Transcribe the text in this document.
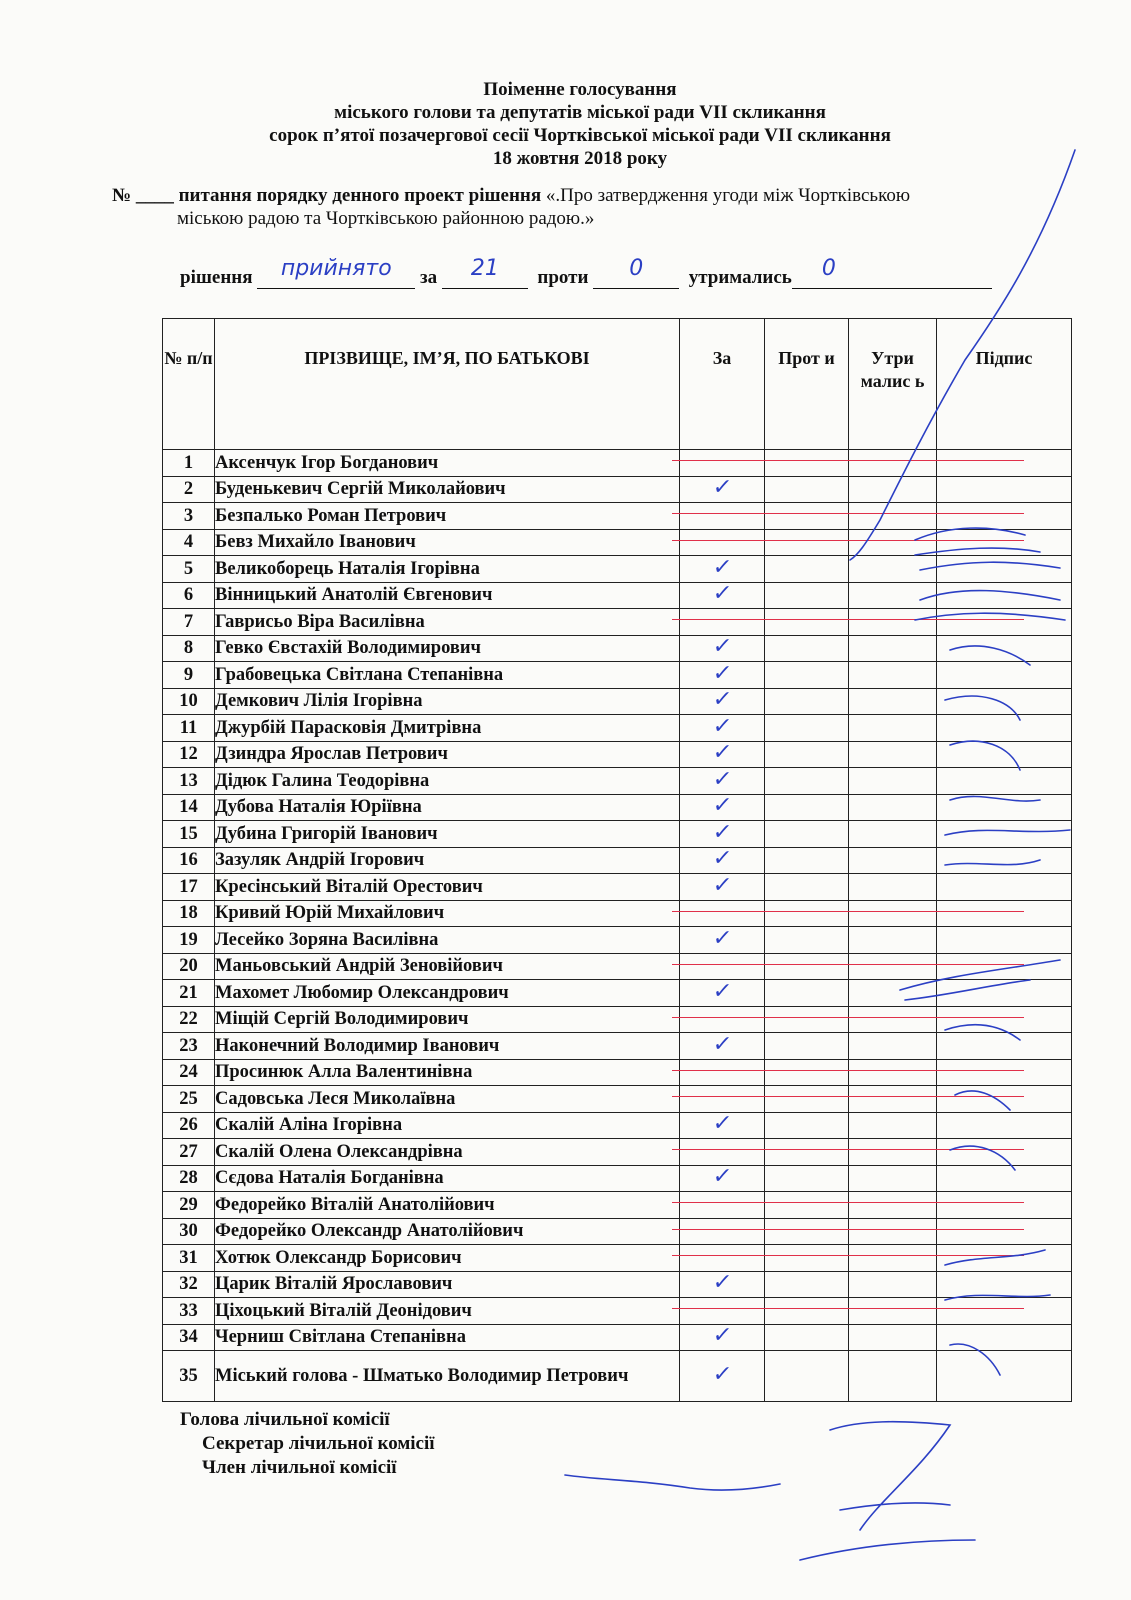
Поіменне голосування
міського голови та депутатів міської ради VII скликання
сорок п’ятої позачергової сесії Чортківської міської ради VII скликання
18 жовтня 2018 року
№ ____ питання порядку денного проект рішення «.Про затвердження угоди між Чортківською
міською радою та Чортківською районною радою.»
рішення	прийнято	за	21	проти	0	утримались	0
№ п/п	ПРІЗВИЩЕ, ІМ’Я, ПО БАТЬКОВІ	За	Прот и	Утри малис ь	Підпис
1	Аксенчук Ігор Богданович	

2	Буденькевич Сергій Миколайович	✓			
3	Безпалько Роман Петрович	

4	Бевз Михайло Іванович	

5	Великоборець Наталія Ігорівна	✓			
6	Вінницький Анатолій Євгенович	✓			
7	Гаврисьо Віра Василівна	

8	Гевко Євстахій Володимирович	✓			
9	Грабовецька Світлана Степанівна	✓			
10	Демкович Лілія Ігорівна	✓			
11	Джурбій Парасковія Дмитрівна	✓			
12	Дзиндра Ярослав Петрович	✓			
13	Дідюк Галина Теодорівна	✓			
14	Дубова Наталія Юріївна	✓			
15	Дубина Григорій Іванович	✓			
16	Зазуляк Андрій Ігорович	✓			
17	Кресінський Віталій Орестович	✓			
18	Кривий Юрій Михайлович	

19	Лесейко Зоряна Василівна	✓			
20	Маньовський Андрій Зеновійович	

21	Махомет Любомир Олександрович	✓			
22	Міщій Сергій Володимирович	

23	Наконечний Володимир Іванович	✓			
24	Просинюк Алла Валентинівна	

25	Садовська Леся Миколаївна	

26	Скалій Аліна Ігорівна	✓			
27	Скалій Олена Олександрівна	

28	Сєдова Наталія Богданівна	✓			
29	Федорейко Віталій Анатолійович	

30	Федорейко Олександр Анатолійович	

31	Хотюк Олександр Борисович	

32	Царик Віталій Ярославович	✓			
33	Ціхоцький Віталій Деонідович	

34	Черниш Світлана Степанівна	✓			
35	Міський голова - Шматько Володимир Петрович	✓			
Голова лічильної комісії
Секретар лічильної комісії
Член лічильної комісії
